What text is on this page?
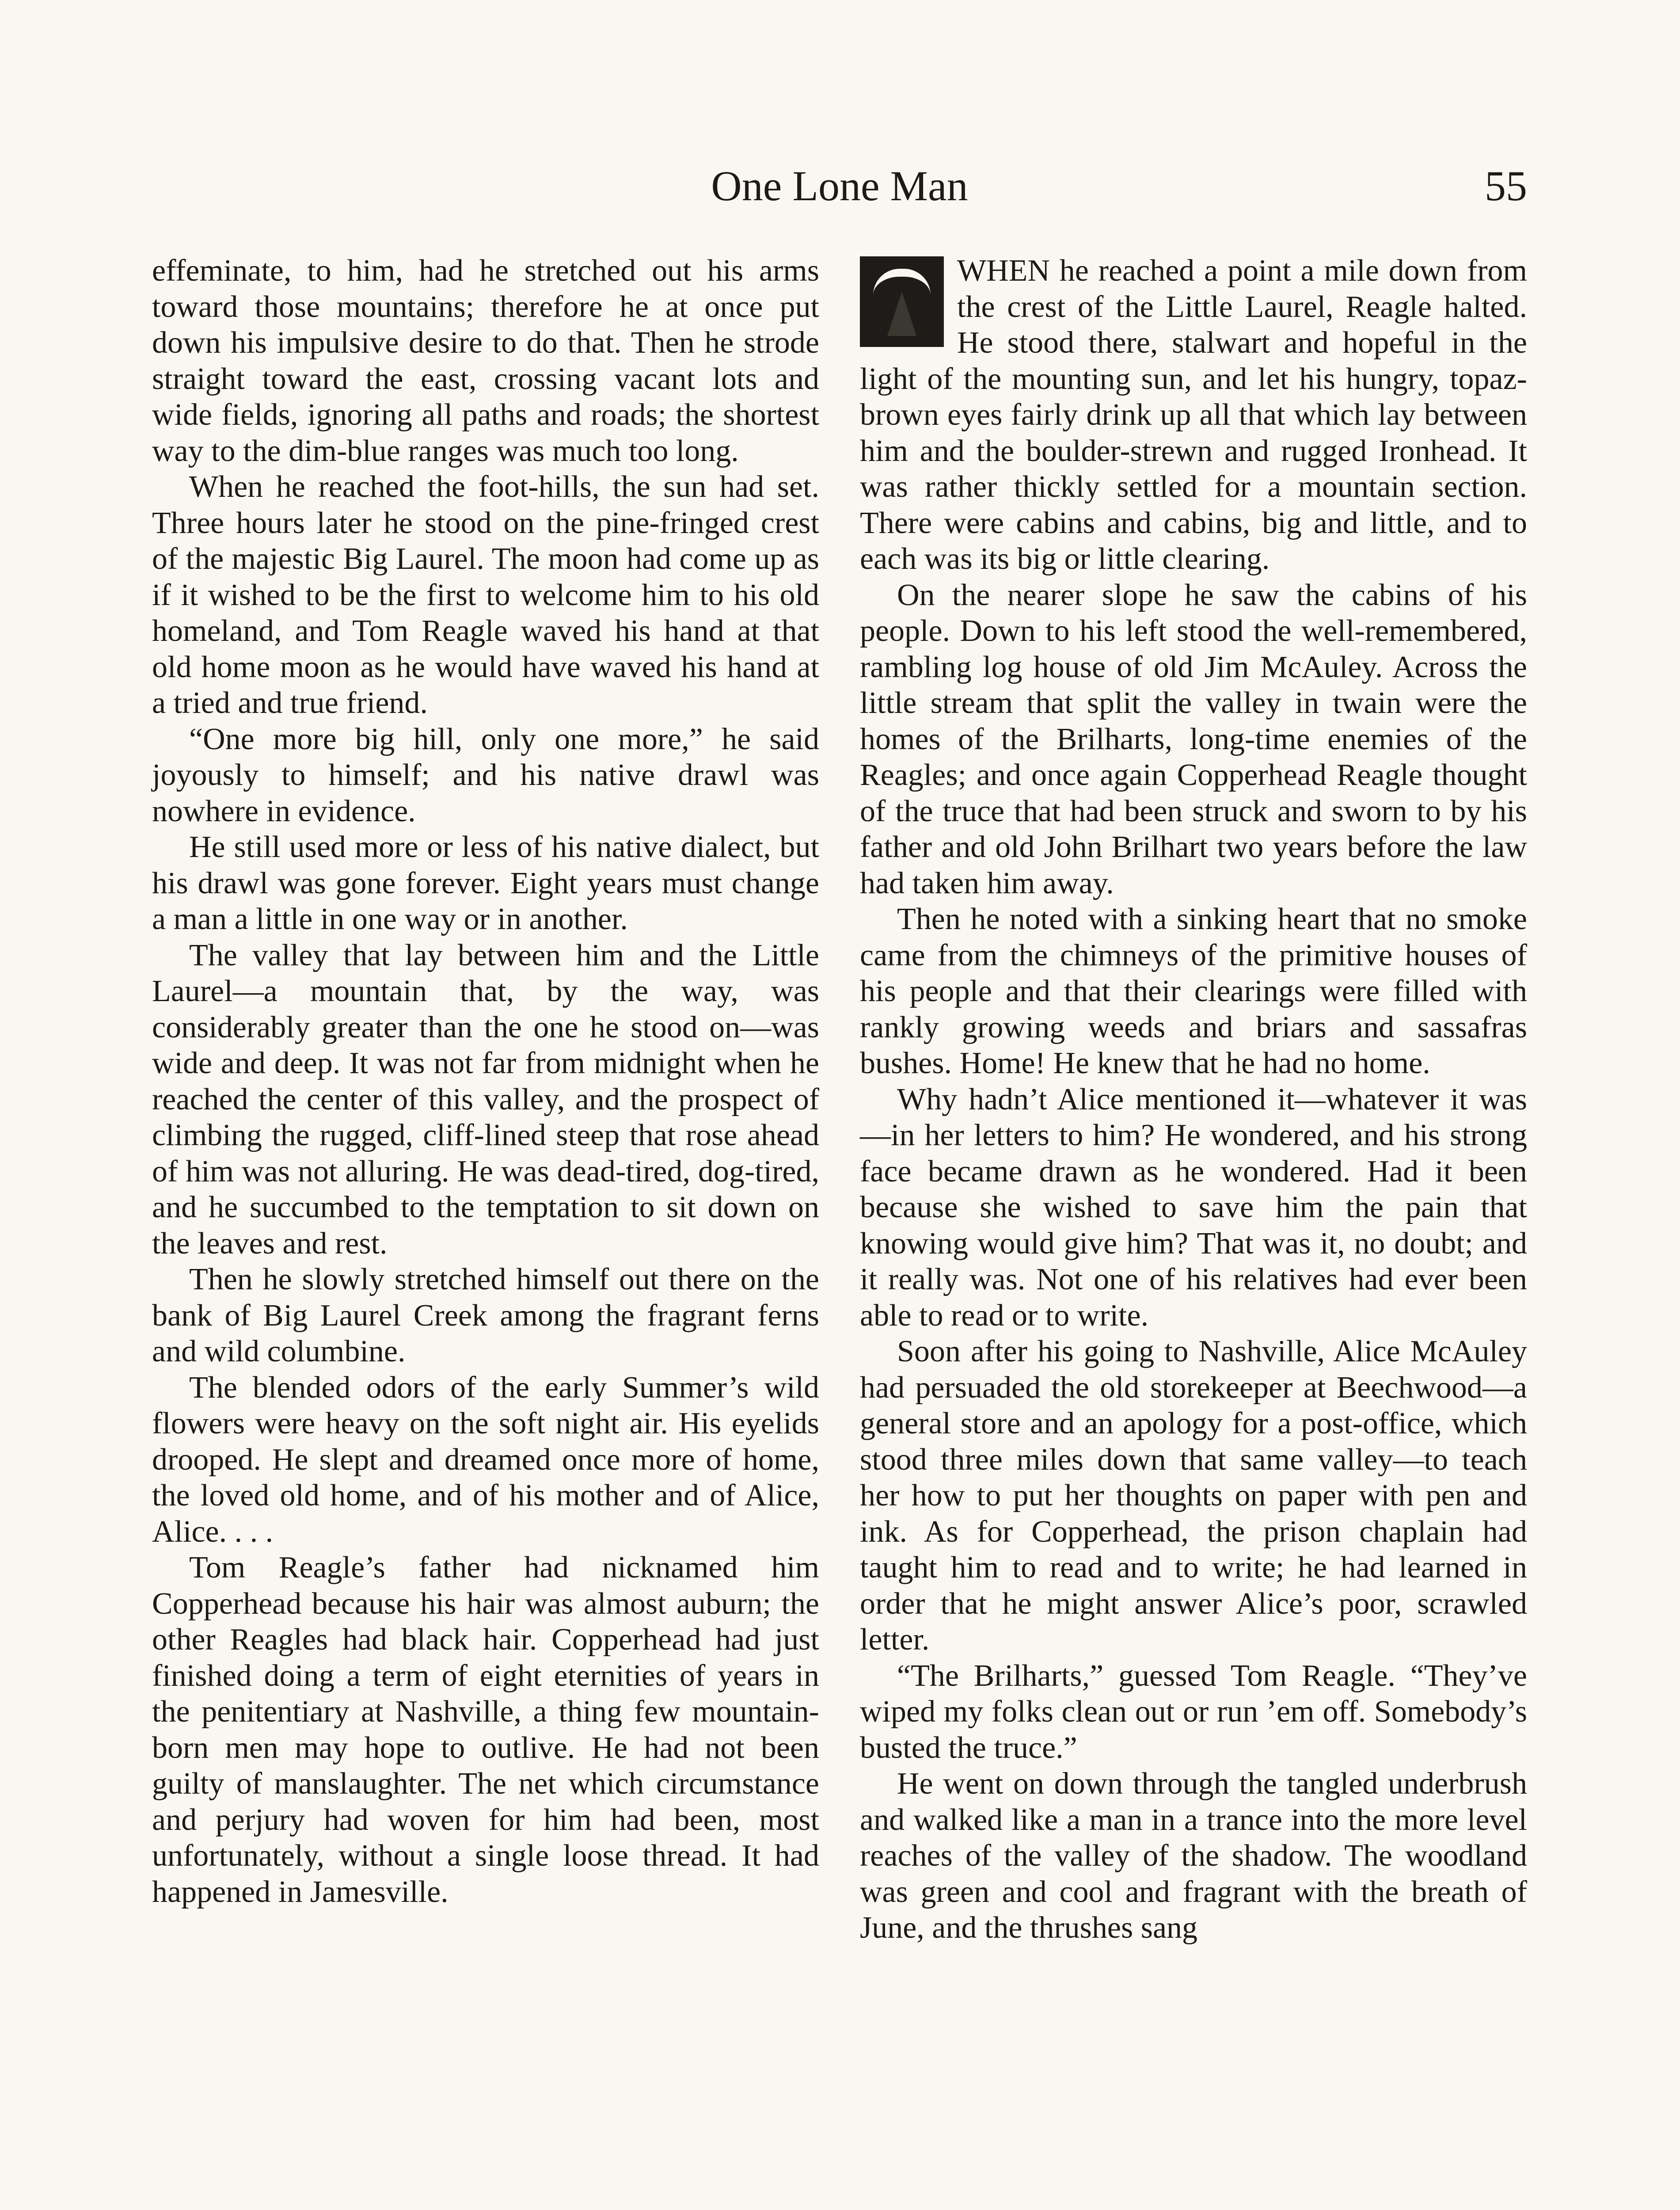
One Lone Man	55

effeminate, to him, had he stretched out his arms toward those mountains; therefore he at once put down his impulsive desire to do that. Then he strode straight toward the east, crossing vacant lots and wide fields, ignoring all paths and roads; the shortest way to the dim-blue ranges was much too long.

When he reached the foot-hills, the sun had set. Three hours later he stood on the pine-fringed crest of the majestic Big Laurel. The moon had come up as if it wished to be the first to welcome him to his old homeland, and Tom Reagle waved his hand at that old home moon as he would have waved his hand at a tried and true friend.

“One more big hill, only one more,” he said joyously to himself; and his native drawl was nowhere in evidence.

He still used more or less of his native dialect, but his drawl was gone forever. Eight years must change a man a little in one way or in another.

The valley that lay between him and the Little Laurel—a mountain that, by the way, was considerably greater than the one he stood on—was wide and deep. It was not far from midnight when he reached the center of this valley, and the prospect of climbing the rugged, cliff-lined steep that rose ahead of him was not alluring. He was dead-tired, dog-tired, and he succumbed to the temptation to sit down on the leaves and rest.

Then he slowly stretched himself out there on the bank of Big Laurel Creek among the fragrant ferns and wild columbine.

The blended odors of the early Summer’s wild flowers were heavy on the soft night air. His eyelids drooped. He slept and dreamed once more of home, the loved old home, and of his mother and of Alice, Alice. . . .

Tom Reagle’s father had nicknamed him Copperhead because his hair was almost auburn; the other Reagles had black hair. Copperhead had just finished doing a term of eight eternities of years in the penitentiary at Nashville, a thing few mountain-born men may hope to outlive. He had not been guilty of manslaughter. The net which circumstance and perjury had woven for him had been, most unfortunately, without a single loose thread. It had happened in Jamesville.

WHEN he reached a point a mile down from the crest of the Little Laurel, Reagle halted. He stood there, stalwart and hopeful in the light of the mounting sun, and let his hungry, topaz-brown eyes fairly drink up all that which lay between him and the boulder-strewn and rugged Ironhead. It was rather thickly settled for a mountain section. There were cabins and cabins, big and little, and to each was its big or little clearing.

On the nearer slope he saw the cabins of his people. Down to his left stood the well-remembered, rambling log house of old Jim McAuley. Across the little stream that split the valley in twain were the homes of the Brilharts, long-time enemies of the Reagles; and once again Copperhead Reagle thought of the truce that had been struck and sworn to by his father and old John Brilhart two years before the law had taken him away.

Then he noted with a sinking heart that no smoke came from the chimneys of the primitive houses of his people and that their clearings were filled with rankly growing weeds and briars and sassafras bushes. Home! He knew that he had no home.

Why hadn’t Alice mentioned it—whatever it was—in her letters to him? He wondered, and his strong face became drawn as he wondered. Had it been because she wished to save him the pain that knowing would give him? That was it, no doubt; and it really was. Not one of his relatives had ever been able to read or to write.

Soon after his going to Nashville, Alice McAuley had persuaded the old storekeeper at Beechwood—a general store and an apology for a post-office, which stood three miles down that same valley—to teach her how to put her thoughts on paper with pen and ink. As for Copperhead, the prison chaplain had taught him to read and to write; he had learned in order that he might answer Alice’s poor, scrawled letter.

“The Brilharts,” guessed Tom Reagle. “They’ve wiped my folks clean out or run ’em off. Somebody’s busted the truce.”

He went on down through the tangled underbrush and walked like a man in a trance into the more level reaches of the valley of the shadow. The woodland was green and cool and fragrant with the breath of June, and the thrushes sang
